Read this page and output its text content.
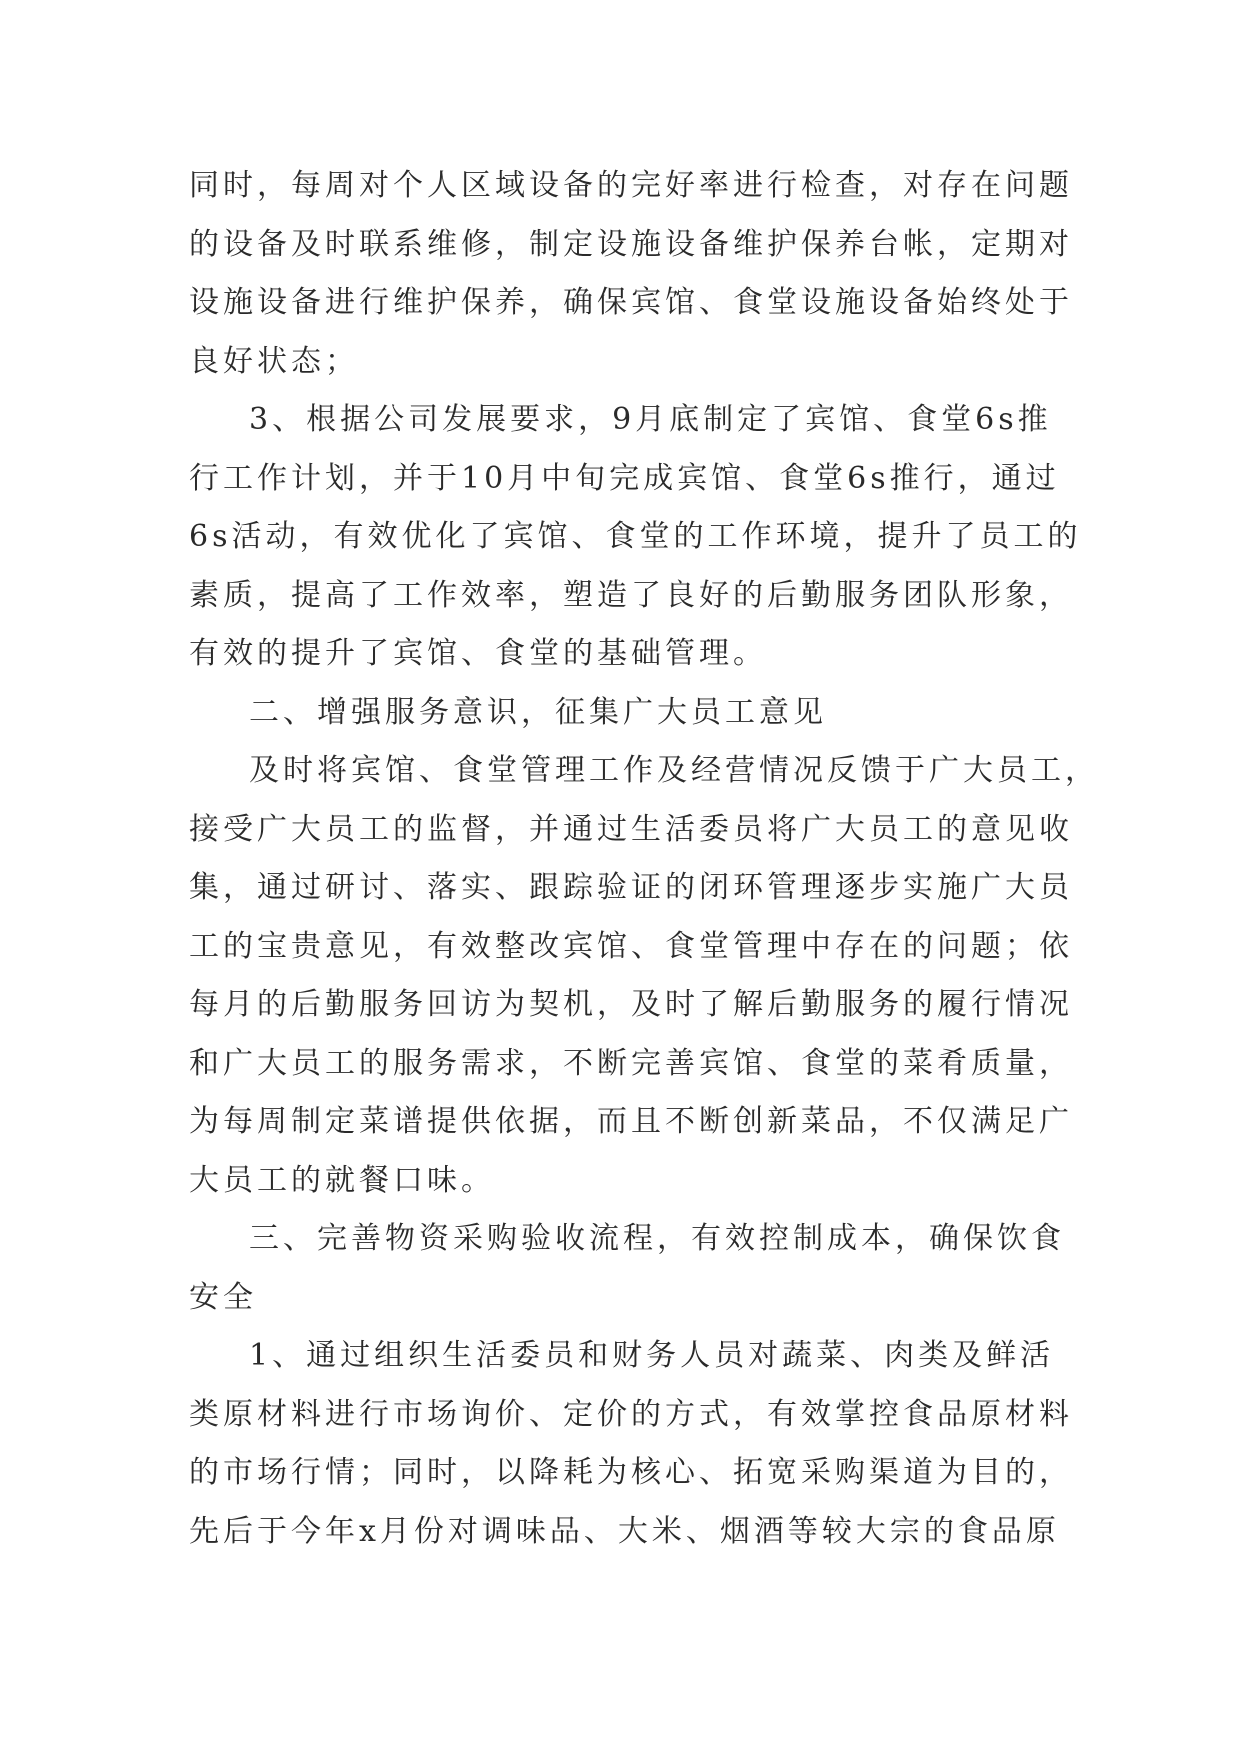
同时，每周对个人区域设备的完好率进行检查，对存在问题
的设备及时联系维修，制定设施设备维护保养台帐，定期对
设施设备进行维护保养，确保宾馆、食堂设施设备始终处于
良好状态；
3、根据公司发展要求，9月底制定了宾馆、食堂6s推
行工作计划，并于10月中旬完成宾馆、食堂6s推行，通过
6s活动，有效优化了宾馆、食堂的工作环境，提升了员工的
素质，提高了工作效率，塑造了良好的后勤服务团队形象，
有效的提升了宾馆、食堂的基础管理。
二、增强服务意识，征集广大员工意见
及时将宾馆、食堂管理工作及经营情况反馈于广大员工，
接受广大员工的监督，并通过生活委员将广大员工的意见收
集，通过研讨、落实、跟踪验证的闭环管理逐步实施广大员
工的宝贵意见，有效整改宾馆、食堂管理中存在的问题；依
每月的后勤服务回访为契机，及时了解后勤服务的履行情况
和广大员工的服务需求，不断完善宾馆、食堂的菜肴质量，
为每周制定菜谱提供依据，而且不断创新菜品，不仅满足广
大员工的就餐口味。
三、完善物资采购验收流程，有效控制成本，确保饮食
安全
1、通过组织生活委员和财务人员对蔬菜、肉类及鲜活
类原材料进行市场询价、定价的方式，有效掌控食品原材料
的市场行情；同时，以降耗为核心、拓宽采购渠道为目的，
先后于今年x月份对调味品、大米、烟酒等较大宗的食品原
